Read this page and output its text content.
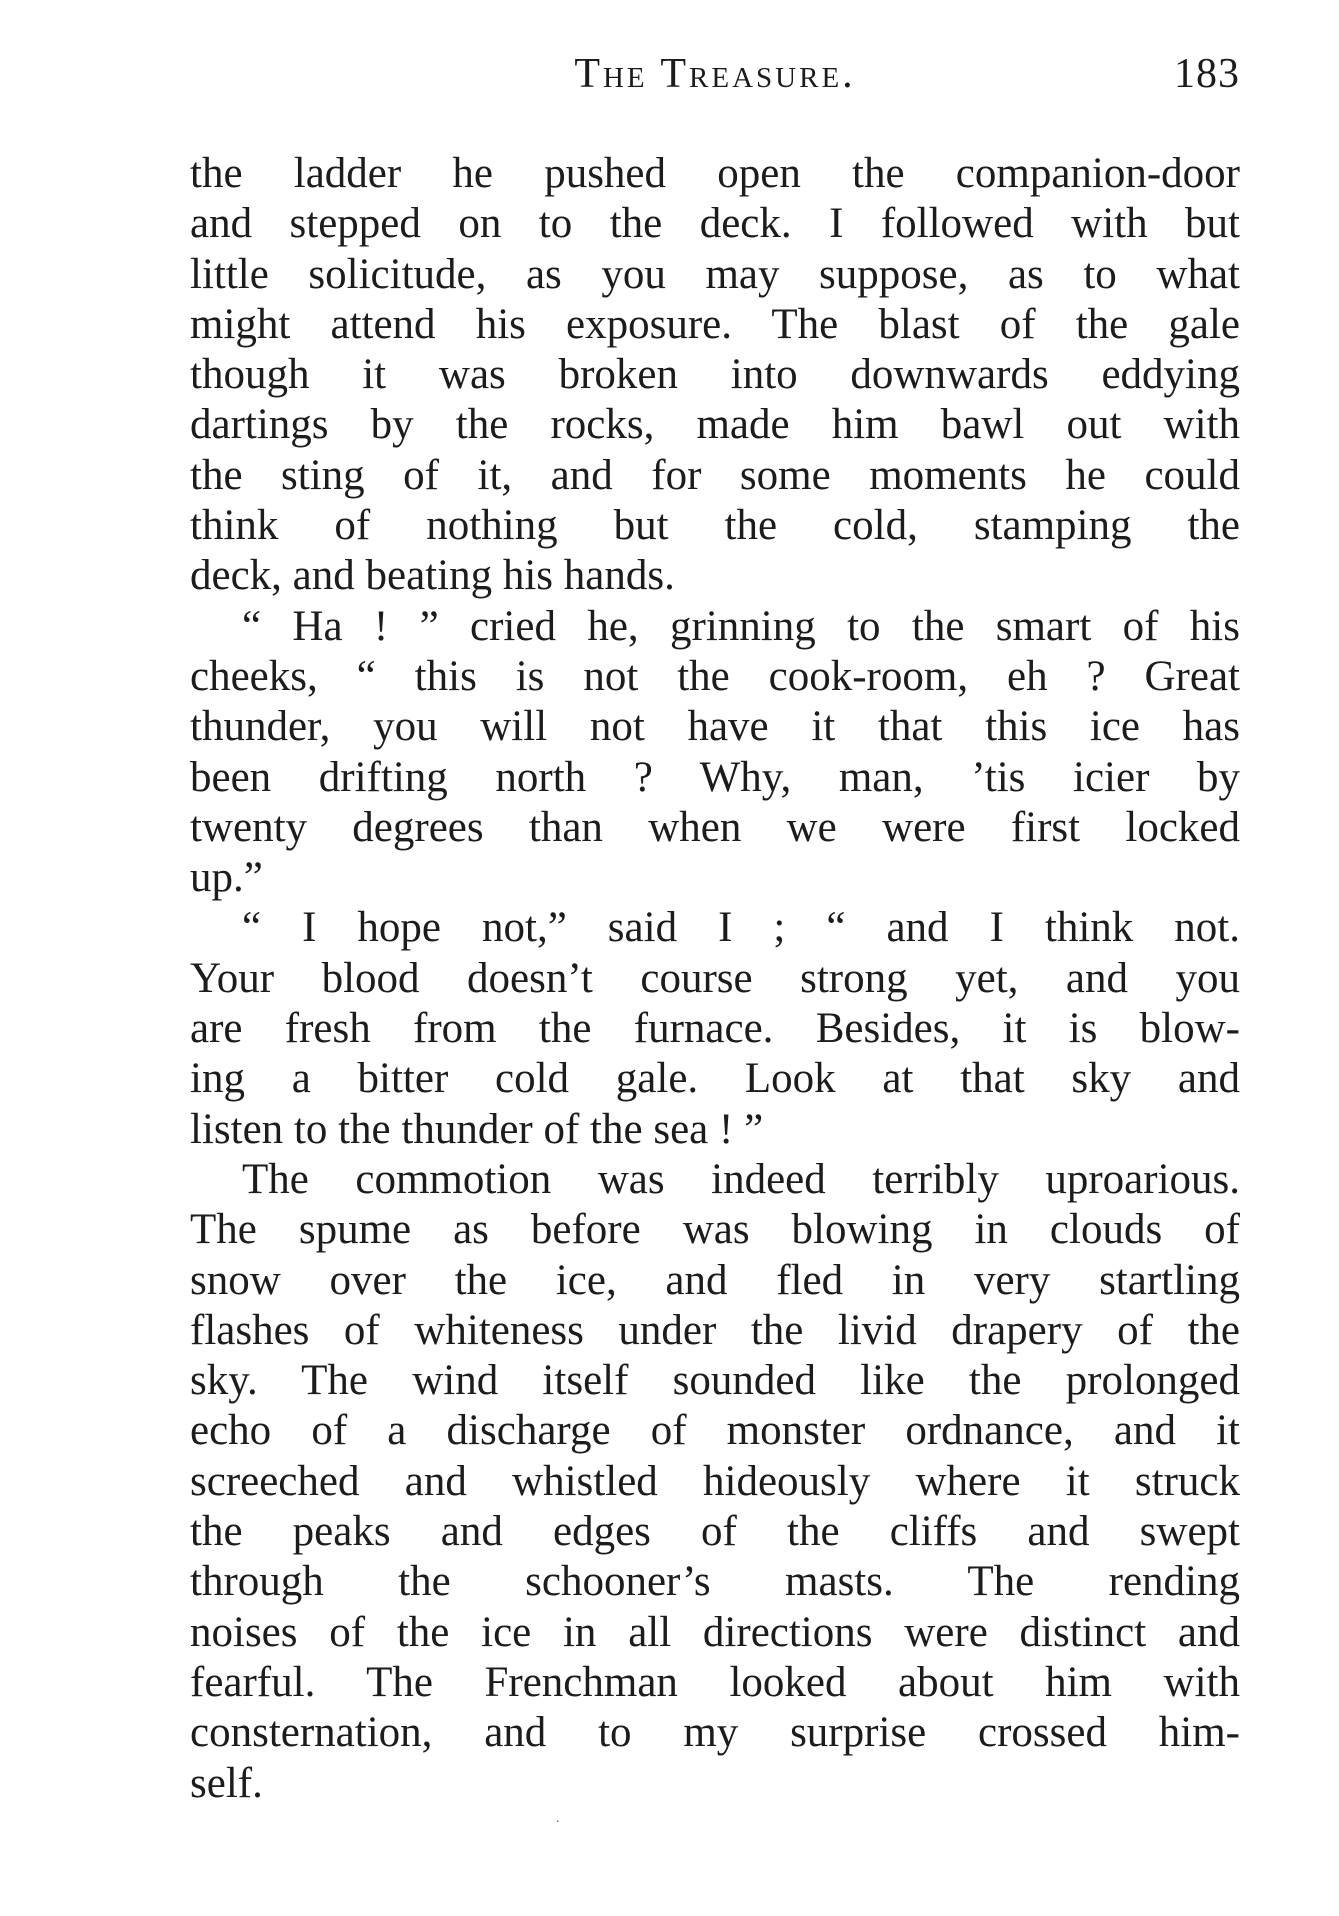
The Treasure.	183
the ladder he pushed open the companion-door
and stepped on to the deck. I followed with but
little solicitude, as you may suppose, as to what
might attend his exposure. The blast of the gale
though it was broken into downwards eddying
dartings by the rocks, made him bawl out with
the sting of it, and for some moments he could
think of nothing but the cold, stamping the
deck, and beating his hands.
“ Ha ! ” cried he, grinning to the smart of his
cheeks, “ this is not the cook-room, eh ? Great
thunder, you will not have it that this ice has
been drifting north ? Why, man, ’tis icier by
twenty degrees than when we were first locked
up.”
“ I hope not,” said I ; “ and I think not.
Your blood doesn’t course strong yet, and you
are fresh from the furnace. Besides, it is blow-
ing a bitter cold gale. Look at that sky and
listen to the thunder of the sea ! ”
The commotion was indeed terribly uproarious.
The spume as before was blowing in clouds of
snow over the ice, and fled in very startling
flashes of whiteness under the livid drapery of the
sky. The wind itself sounded like the prolonged
echo of a discharge of monster ordnance, and it
screeched and whistled hideously where it struck
the peaks and edges of the cliffs and swept
through the schooner’s masts. The rending
noises of the ice in all directions were distinct and
fearful. The Frenchman looked about him with
consternation, and to my surprise crossed him-
self.
˙
